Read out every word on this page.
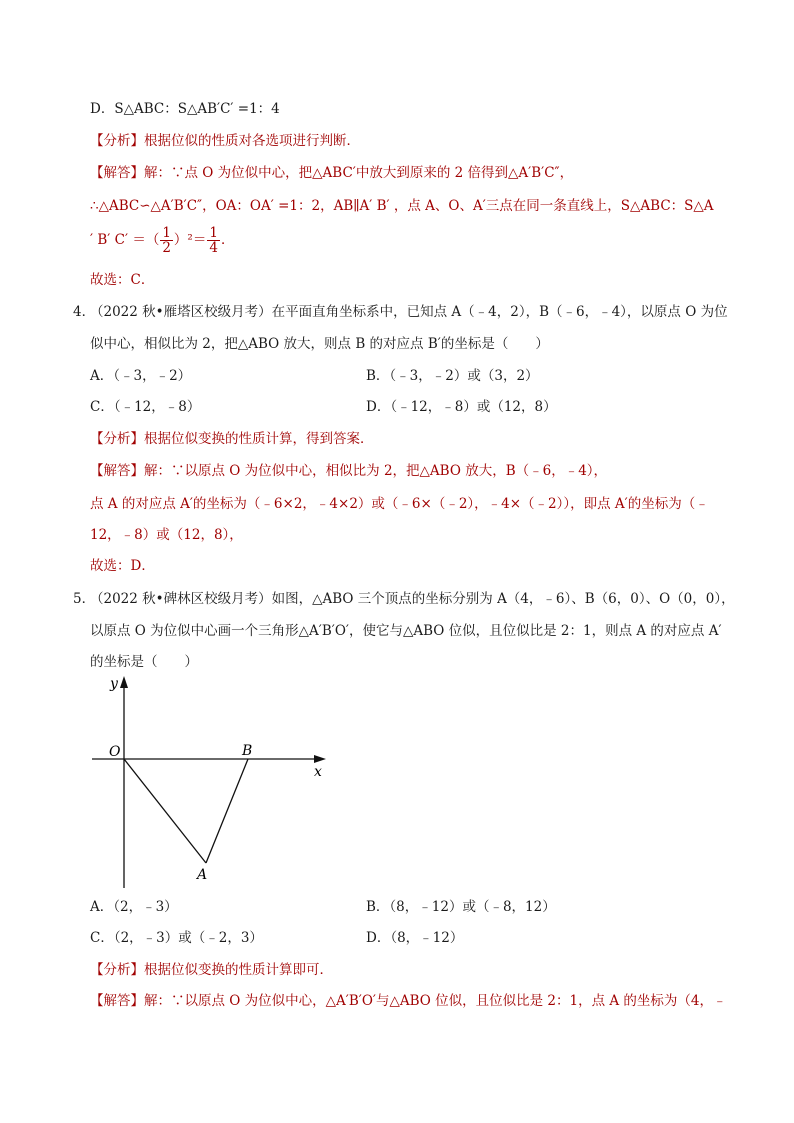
D．S△ABC：S△AB′C′ =1：4
【分析】根据位似的性质对各选项进行判断．
【解答】解：∵点 O 为位似中心，把△ABC′中放大到原来的 2 倍得到△A′B′C″，
∴△ABC∽△A′B′C″，OA：OA′ =1：2，AB∥A′ B′ ，点 A、O、A′三点在同一条直线上，S△ABC：S△A
′ B′ C′ ＝（ $\frac{1}{2} )^2= \frac{1}{4}$ ．
故选：C．
4．
（2022 秋•雁塔区校级月考）在平面直角坐标系中，已知点 A（﹣4，2），B（﹣6，﹣4），以原点 O 为位
似中心，相似比为 2，把△ABO 放大，则点 B 的对应点 B′的坐标是（　　）
A．（﹣3，﹣2）	B．（﹣3，﹣2）或（3，2）
C．（﹣12，﹣8）	D．（﹣12，﹣8）或（12，8）
【分析】根据位似变换的性质计算，得到答案．
【解答】解：∵以原点 O 为位似中心，相似比为 2，把△ABO 放大，B（﹣6，﹣4），
点 A 的对应点 A′的坐标为（﹣6×2，﹣4×2）或（﹣6×（﹣2），﹣4×（﹣2）），即点 A′的坐标为（﹣
12，﹣8）或（12，8），
故选：D．
5．
（2022 秋•碑林区校级月考）如图，△ABO 三个顶点的坐标分别为 A（4，﹣6）、B（6，0）、O（0，0），
以原点 O 为位似中心画一个三角形△A′B′O′，使它与△ABO 位似，且位似比是 2：1，则点 A 的对应点 A′
的坐标是（　　）
y
x
O	B
A
A．（2，﹣3）	B．（8，﹣12）或（﹣8，12）
C．（2，﹣3）或（﹣2，3）	D．（8，﹣12）
【分析】根据位似变换的性质计算即可．
【解答】解：∵以原点 O 为位似中心，△A′B′O′与△ABO 位似，且位似比是 2：1，点 A 的坐标为（4，﹣
